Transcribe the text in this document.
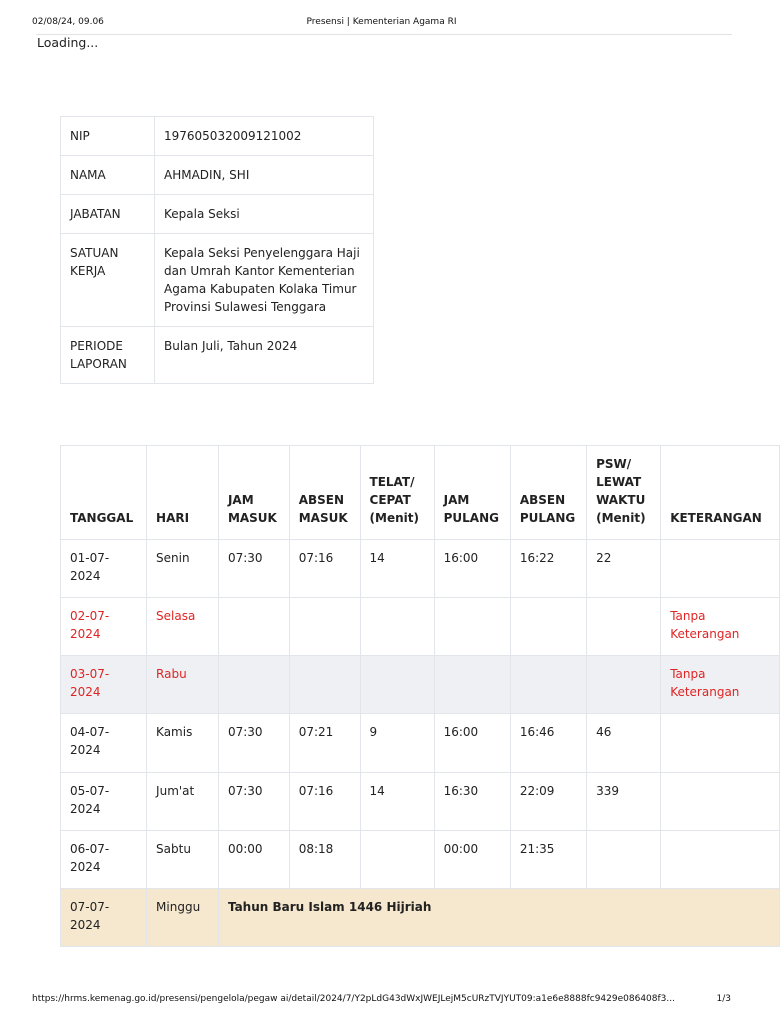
02/08/24, 09.06	Presensi | Kementerian Agama RI
Loading...
NIP	197605032009121002
NAMA	AHMADIN, SHI
JABATAN	Kepala Seksi
SATUAN KERJA	Kepala Seksi Penyelenggara Haji dan Umrah Kantor Kementerian Agama Kabupaten Kolaka Timur Provinsi Sulawesi Tenggara
PERIODE LAPORAN	Bulan Juli, Tahun 2024
TANGGAL	HARI	JAM MASUK	ABSEN MASUK	TELAT/ CEPAT (Menit)	JAM PULANG	ABSEN PULANG	PSW/ LEWAT WAKTU (Menit)	KETERANGAN
01-07-2024	Senin	07:30	07:16	14	16:00	16:22	22	
02-07-2024	Selasa							Tanpa Keterangan
03-07-2024	Rabu							Tanpa Keterangan
04-07-2024	Kamis	07:30	07:21	9	16:00	16:46	46	
05-07-2024	Jum'at	07:30	07:16	14	16:30	22:09	339	
06-07-2024	Sabtu	00:00	08:18		00:00	21:35		
07-07-2024	Minggu	Tahun Baru Islam 1446 Hijriah						
https://hrms.kemenag.go.id/presensi/pengelola/pegaw ai/detail/2024/7/Y2pLdG43dWxJWEJLejM5cURzTVJYUT09:a1e6e8888fc9429e086408f3...	1/3
